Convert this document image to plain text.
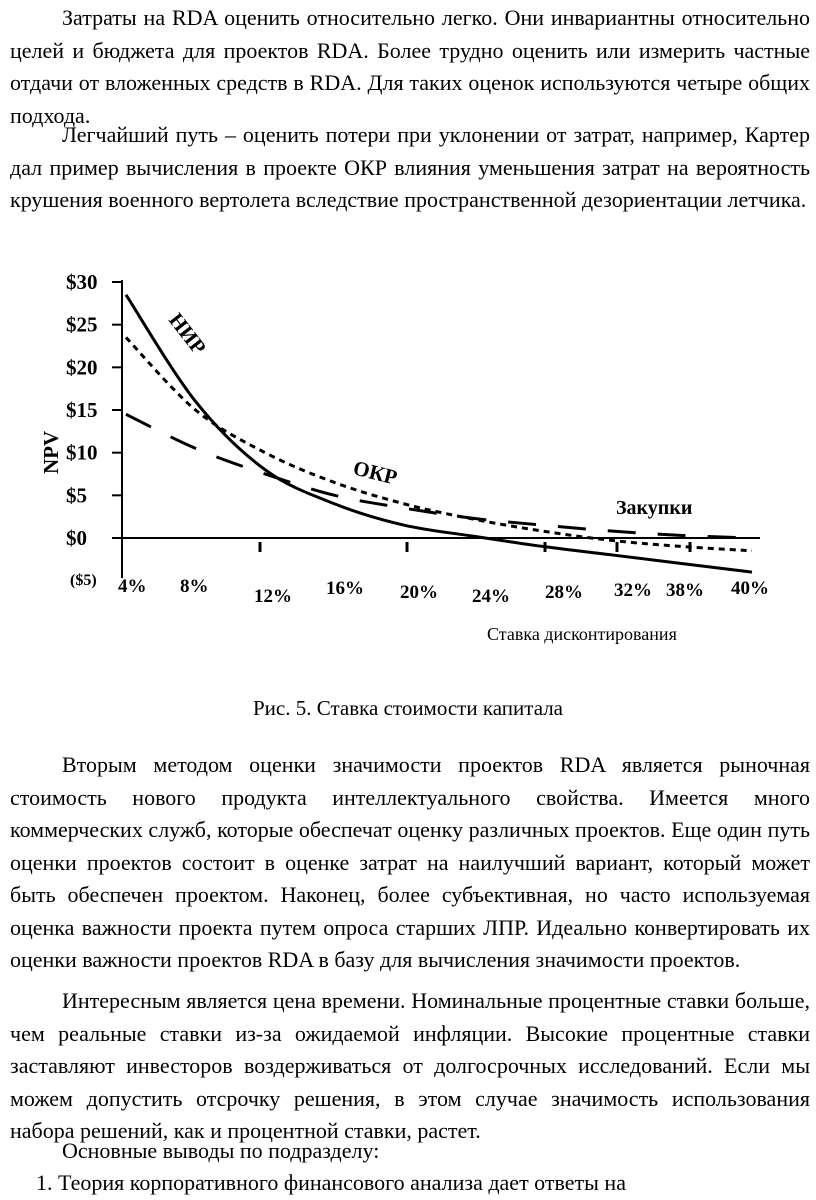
Затраты на RDA оценить относительно легко. Они инвариантны относительно целей и бюджета для проектов RDA. Более трудно оценить или измерить частные отдачи от вложенных средств в RDA. Для таких оценок используются четыре общих подхода.

Легчайший путь – оценить потери при уклонении от затрат, например, Картер дал пример вычисления в проекте ОКР влияния уменьшения затрат на вероятность крушения военного вертолета вследствие пространственной дезориентации летчика.

$30
$25
$20
$15
$10
$5
$0
($5) 4% 8% 12% 16% 20% 24% 28% 32% 38% 40%
Ставка дисконтирования
NPV
НИР
ОКР
Закупки
Рис. 5. Ставка стоимости капитала

Вторым методом оценки значимости проектов RDA является рыночная стоимость нового продукта интеллектуального свойства. Имеется много коммерческих служб, которые обеспечат оценку различных проектов. Еще один путь оценки проектов состоит в оценке затрат на наилучший вариант, который может быть обеспечен проектом. Наконец, более субъективная, но часто используемая оценка важности проекта путем опроса старших ЛПР. Идеально конвертировать их оценки важности проектов RDA в базу для вычисления значимости проектов.

Интересным является цена времени. Номинальные процентные ставки больше, чем реальные ставки из-за ожидаемой инфляции. Высокие процентные ставки заставляют инвесторов воздерживаться от долгосрочных исследований. Если мы можем допустить отсрочку решения, в этом случае значимость использования набора решений, как и процентной ставки, растет.

Основные выводы по подразделу:

1. Теория корпоративного финансового анализа дает ответы на
